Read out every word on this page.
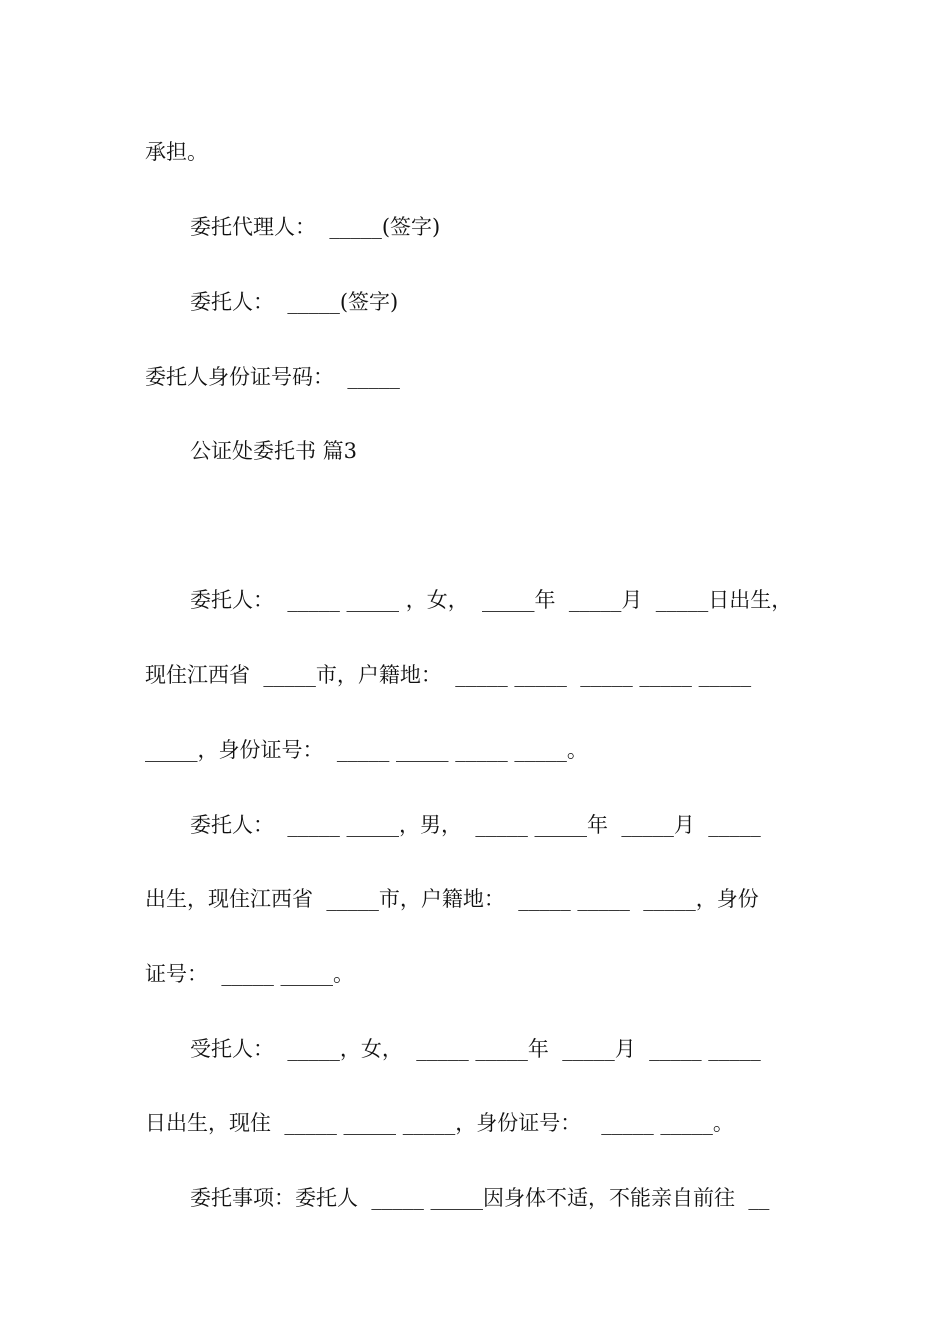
承担。
委托代理人：  _____(签字)
委托人：  _____(签字)
委托人身份证号码：  _____
公证处委托书 篇3
委托人：  _____ _____ ，女，  _____年  _____月  _____日出生，
现住江西省  _____市，户籍地：  _____ _____  _____ _____ _____
_____，身份证号：  _____ _____ _____ _____。
委托人：  _____ _____，男，  _____ _____年  _____月  _____
出生，现住江西省  _____市，户籍地：  _____ _____  _____，身份
证号：  _____ _____。
受托人：  _____，女，  _____ _____年  _____月  _____ _____
日出生，现住  _____ _____ _____，身份证号：   _____ _____。
委托事项：委托人  _____ _____因身体不适，不能亲自前往  __
